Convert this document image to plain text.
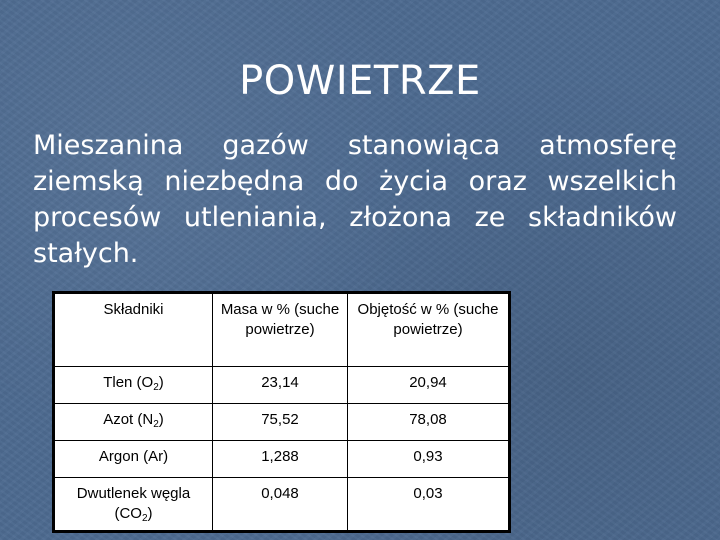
POWIETRZE

Mieszanina gazów stanowiąca atmosferę ziemską niezbędna do życia oraz wszelkich procesów utleniania, złożona ze składników stałych.

Składniki	Masa w % (suche powietrze)	Objętość w % (suche powietrze)
Tlen $(O_2)$	23,14	20,94
Azot $(N_2)$	75,52	78,08
Argon (Ar)	1,288	0,93
Dwutlenek węgla $(CO_2)$	0,048	0,03
